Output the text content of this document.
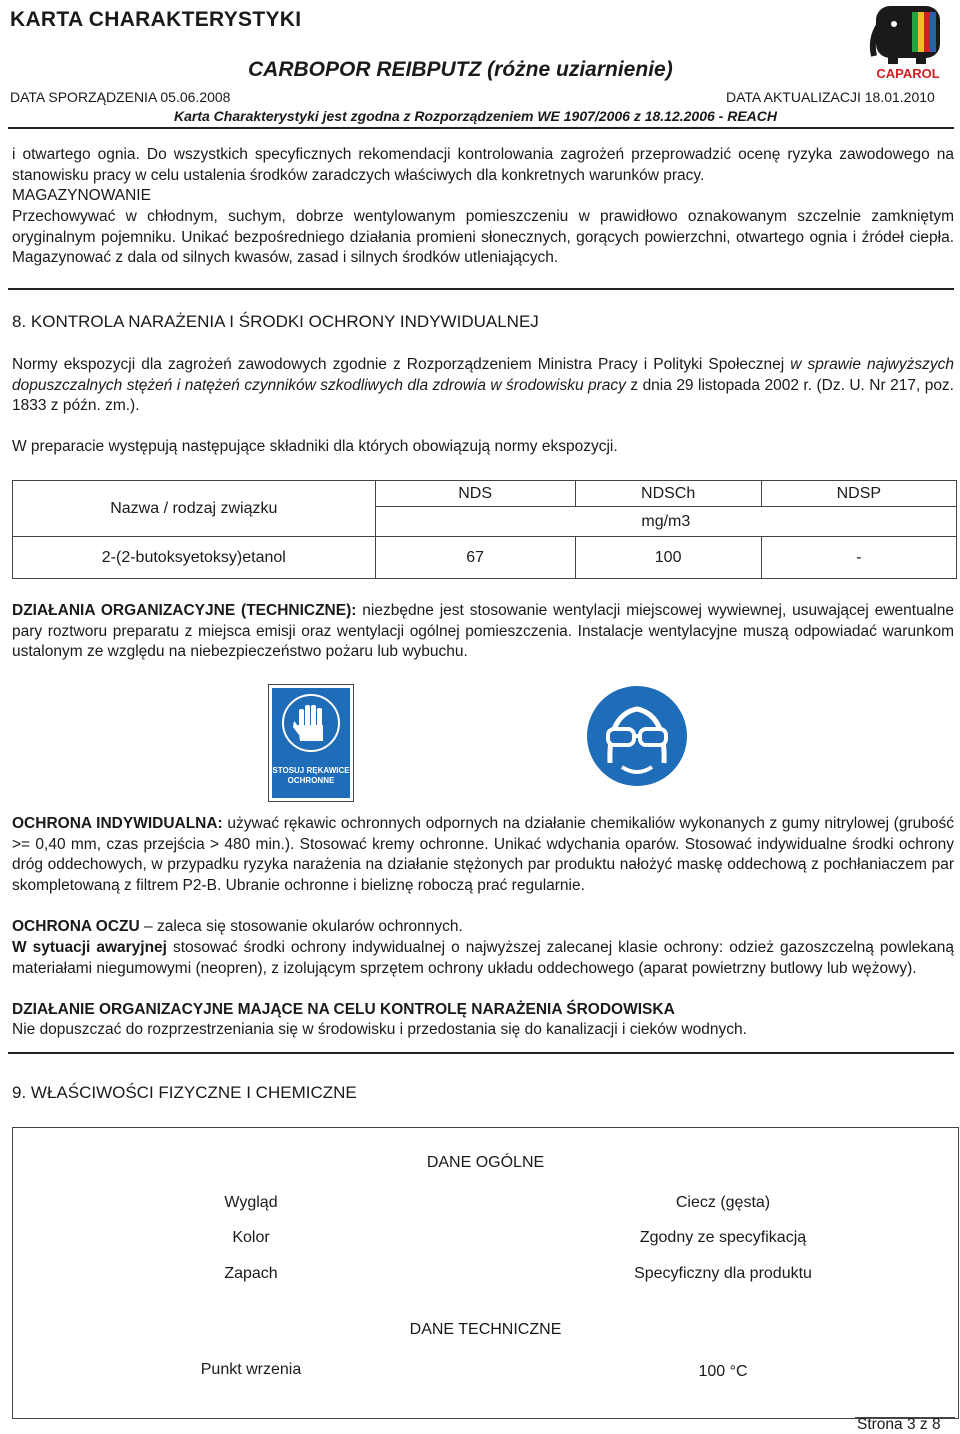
KARTA CHARAKTERYSTYKI
CARBOPOR REIBPUTZ (różne uziarnienie)
DATA SPORZĄDZENIA 05.06.2008	DATA AKTUALIZACJI 18.01.2010
Karta Charakterystyki jest zgodna z Rozporządzeniem WE 1907/2006 z 18.12.2006 - REACH
CAPAROL
i otwartego ognia. Do wszystkich specyficznych rekomendacji kontrolowania zagrożeń przeprowadzić ocenę ryzyka zawodowego na stanowisku pracy w celu ustalenia środków zaradczych właściwych dla konkretnych warunków pracy.
MAGAZYNOWANIE
Przechowywać w chłodnym, suchym, dobrze wentylowanym pomieszczeniu w prawidłowo oznakowanym szczelnie zamkniętym oryginalnym pojemniku. Unikać bezpośredniego działania promieni słonecznych, gorących powierzchni, otwartego ognia i źródeł ciepła. Magazynować z dala od silnych kwasów, zasad i silnych środków utleniających.
8. KONTROLA NARAŻENIA I ŚRODKI OCHRONY INDYWIDUALNEJ
Normy ekspozycji dla zagrożeń zawodowych zgodnie z Rozporządzeniem Ministra Pracy i Polityki Społecznej w sprawie najwyższych dopuszczalnych stężeń i natężeń czynników szkodliwych dla zdrowia w środowisku pracy z dnia 29 listopada 2002 r. (Dz. U. Nr 217, poz. 1833 z późn. zm.).
W preparacie występują następujące składniki dla których obowiązują normy ekspozycji.
Nazwa / rodzaj związku	NDS	NDSCh	NDSP
	mg/m3		
2-(2-butoksyetoksy)etanol	67	100	-
DZIAŁANIA ORGANIZACYJNE (TECHNICZNE): niezbędne jest stosowanie wentylacji miejscowej wywiewnej, usuwającej ewentualne pary roztworu preparatu z miejsca emisji oraz wentylacji ogólnej pomieszczenia. Instalacje wentylacyjne muszą odpowiadać warunkom ustalonym ze względu na niebezpieczeństwo pożaru lub wybuchu.
STOSUJ RĘKAWICE
OCHRONNE
OCHRONA INDYWIDUALNA: używać rękawic ochronnych odpornych na działanie chemikaliów wykonanych z gumy nitrylowej (grubość >= 0,40 mm, czas przejścia > 480 min.). Stosować kremy ochronne. Unikać wdychania oparów. Stosować indywidualne środki ochrony dróg oddechowych, w przypadku ryzyka narażenia na działanie stężonych par produktu nałożyć maskę oddechową z pochłaniaczem par skompletowaną z filtrem P2-B. Ubranie ochronne i bieliznę roboczą prać regularnie.
OCHRONA OCZU – zaleca się stosowanie okularów ochronnych.
W sytuacji awaryjnej stosować środki ochrony indywidualnej o najwyższej zalecanej klasie ochrony: odzież gazoszczelną powlekaną materiałami niegumowymi (neopren), z izolującym sprzętem ochrony układu oddechowego (aparat powietrzny butlowy lub wężowy).
DZIAŁANIE ORGANIZACYJNE MAJĄCE NA CELU KONTROLĘ NARAŻENIA ŚRODOWISKA
Nie dopuszczać do rozprzestrzeniania się w środowisku i przedostania się do kanalizacji i cieków wodnych.
9. WŁAŚCIWOŚCI FIZYCZNE I CHEMICZNE
DANE OGÓLNE
Wygląd	Ciecz (gęsta)
Kolor	Zgodny ze specyfikacją
Zapach	Specyficzny dla produktu
DANE TECHNICZNE
Punkt wrzenia	100 °C
Strona 3 z 8
